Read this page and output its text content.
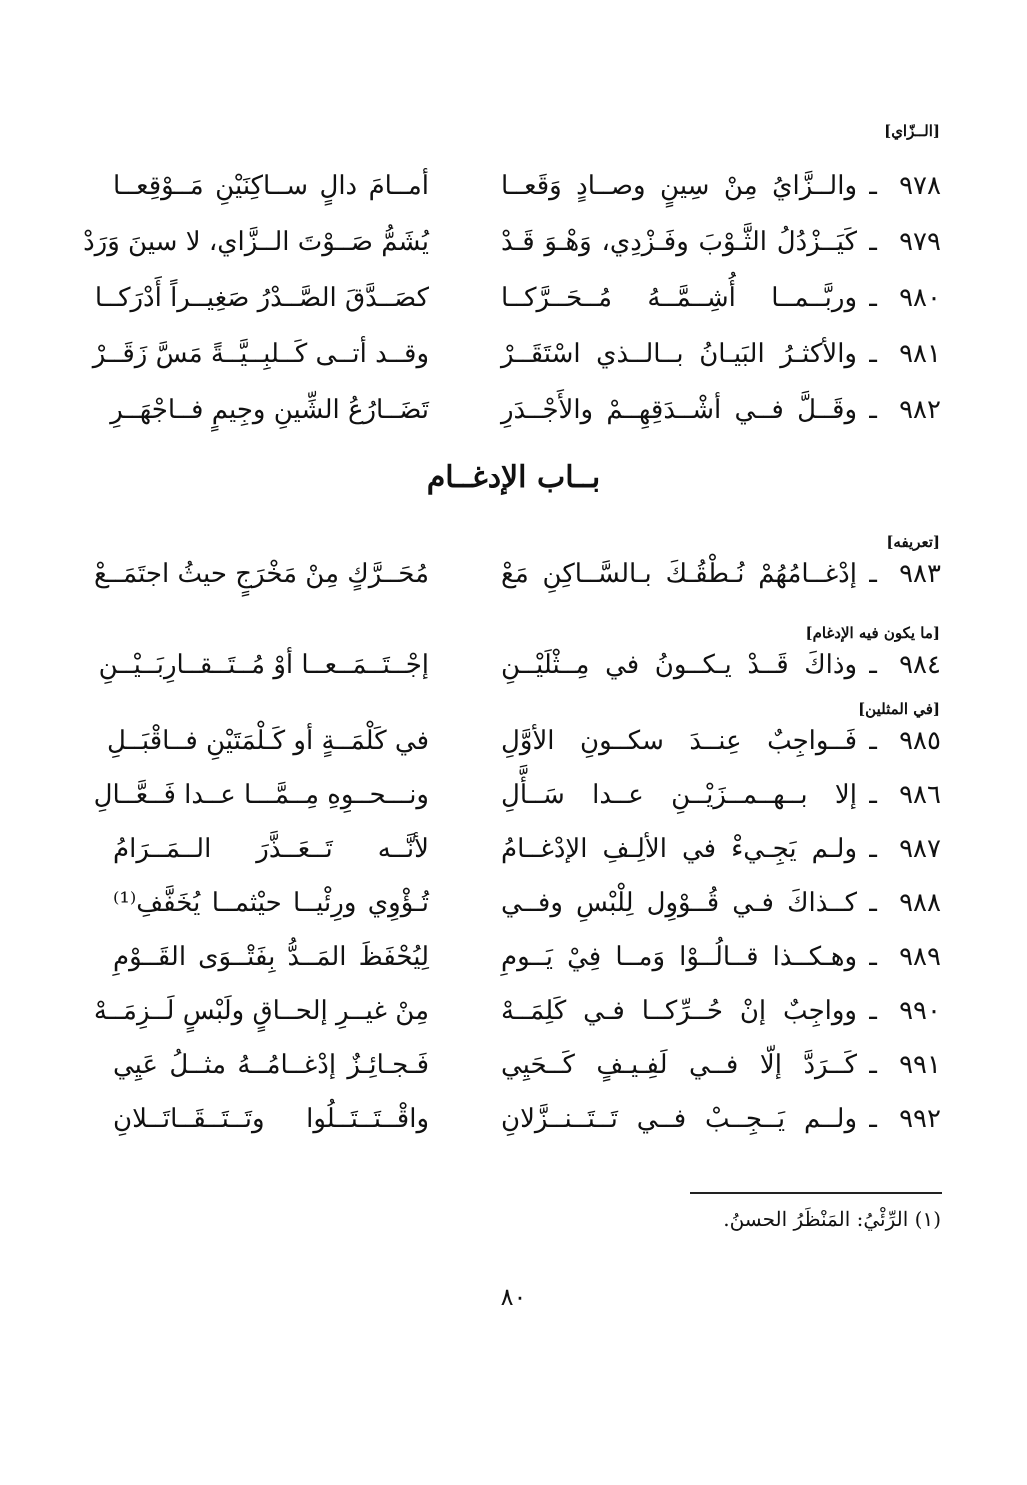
[الــزّاي]
٩٧٨
ـ
والــزَّايُ مِنْ سِينٍ وصــادٍ وَقَعــا
أمــامَ دالٍ ســاكِنَيْنِ مَــوْقِعــا
٩٧٩
ـ
كَيَــزْدُلُ الثَّـوْبَ وفَـزْدِي، وَهْـوَ قَـدْ
يُشَمُّ صَــوْتَ الــزَّاي، لا سينَ وَرَدْ
٩٨٠
ـ
وربَّــمــا أُشِــمَّــهُ مُــحَــرَّكــا
كصَــدَّقَ الصَّــدْرُ صَغِيــراً أَدْرَكــا
٩٨١
ـ
والأكثـرُ البَيـانُ بــالــذي اسْتَقَــرْ
وقــد أتــى كَــلبِــيَّــةً مَسَّ زَقَــرْ
٩٨٢
ـ
وقَــلَّ فــي أشْــدَقِهِــمْ والأَجْــدَرِ
تَضَــارُعُ الشِّينِ وجِيمٍ فــاجْهَــرِ
بــاب الإدغــام
[تعريفه]
٩٨٣
ـ
إدْغــامُهُمْ نُـطْقُـكَ بـالسَّــاكِنِ مَعْ
مُحَــرَّكٍ مِنْ مَخْرَجٍ حيثُ اجتَمَــعْ
[ما يكون فيه الإدغام]
٩٨٤
ـ
وذاكَ قَــدْ يـكــونُ في مِــثْلَيْــنِ
إجْــتَــمَــعــا أوْ مُــتَــقــارِبَــيْــنِ
[في المثلين]
٩٨٥
ـ
فَــواجِبٌ عِنــدَ سكــونِ الأوَّلِ
في كَلْمَــةٍ أو كَـلْمَتَيْنِ فــاقْبَــلِ
٩٨٦
ـ
إلا بــهــمــزَيْــنِ عــدا سَــأَّلِ
ونـــحــوِهِ مِــمَّـــا عــدا فَــعَّــالِ
٩٨٧
ـ
ولـم يَجِـيءْ في الألِـفِ الإدْغــامُ
لأنَّــه تَــعَــذَّرَ الــمَــرَامُ
٩٨٨
ـ
كــذاكَ فـي قُــوْوِل لِلْبْسِ وفــي
تُـؤْوِي ورِئْيــا حيْثمــا يُخَفَّفِ⁽¹⁾
٩٨٩
ـ
وهـكــذا قــالُــوْا وَمــا فِيْ يَــومِ
لِيُحْفَظَ المَــدُّ بِفَتْــوَى القَــوْمِ
٩٩٠
ـ
وواجِبٌ إنْ حُــرِّكــا فـي كَلِمَــهْ
مِنْ غيــرِ إلحــاقٍ ولَبْسٍ لَــزِمَــهْ
٩٩١
ـ
كَــرَدَّ إلّا فــي لَفِـيـفٍ كَــحَيِي
فَـجـائِـزٌ إدْغــامُــهُ مثــلُ عَيِي
٩٩٢
ـ
ولــم يَــجِــبْ فــي تَــتَــنــزَّلانِ
واقْــتَــتَــلُوا وتَــتَــقَــاتَــلانِ
(١) الرِّئْيُ: المَنْظَرُ الحسنُ.
٨٠
